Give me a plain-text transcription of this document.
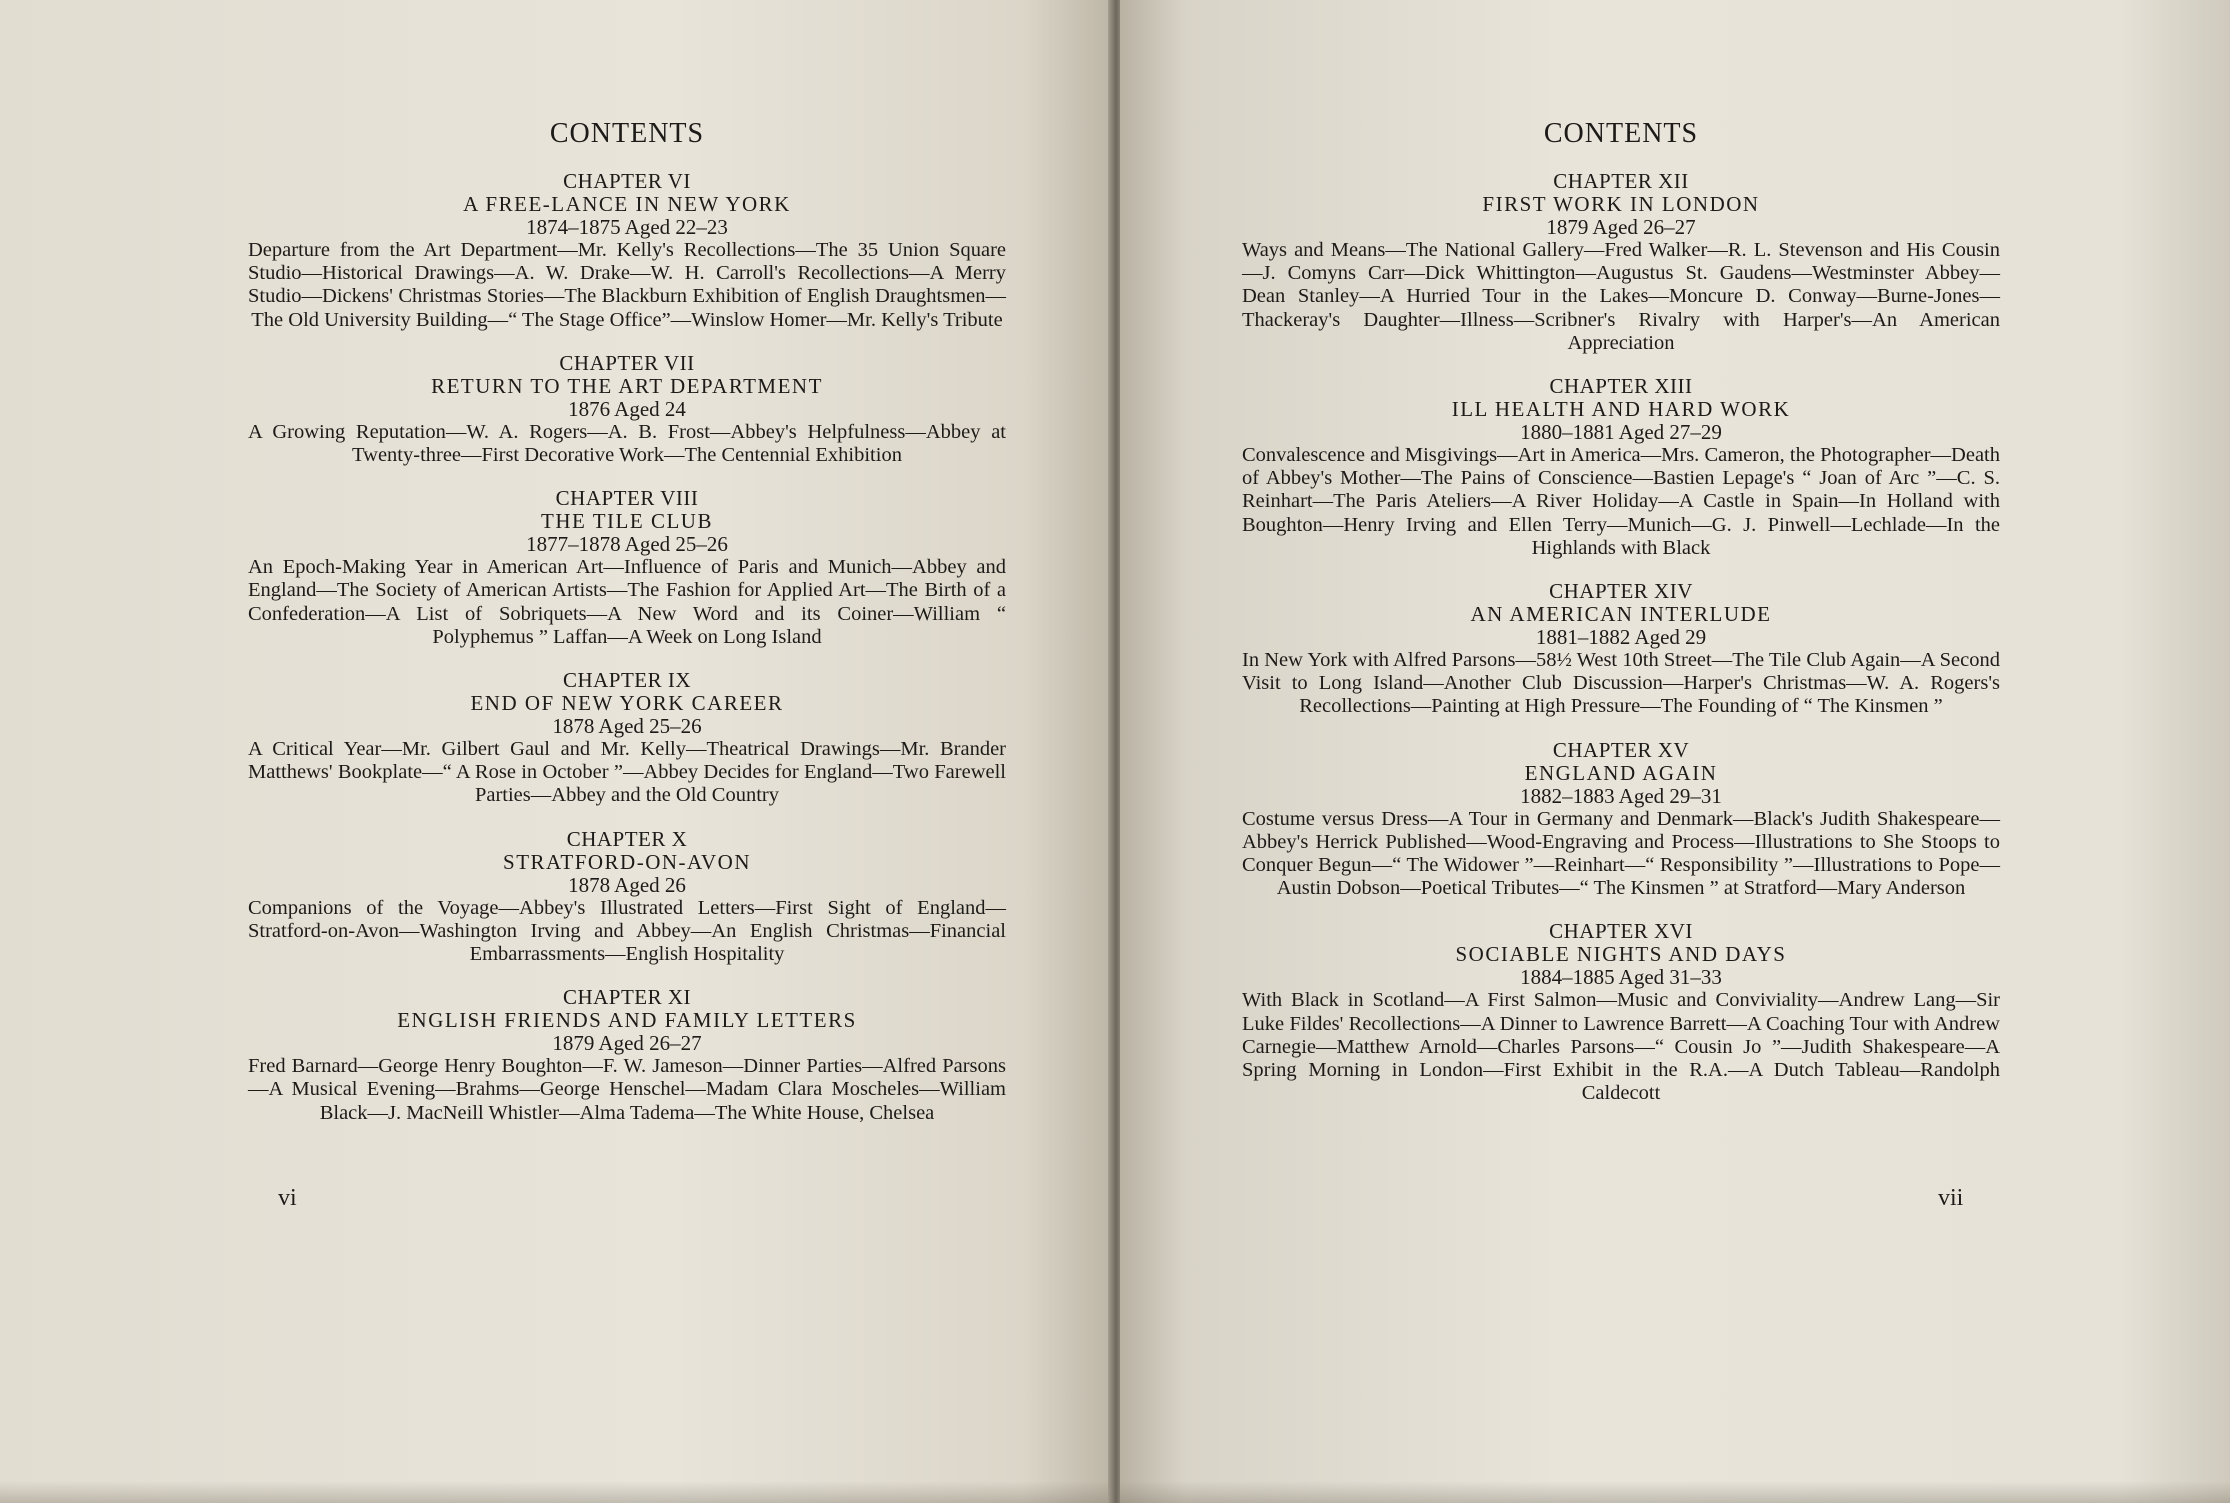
CONTENTS
CHAPTER VI
A FREE-LANCE IN NEW YORK
1874–1875 Aged 22–23
Departure from the Art Department—Mr. Kelly's Recollections—The 35 Union Square Studio—Historical Drawings—A. W. Drake—W. H. Carroll's Recollections—A Merry Studio—Dickens' Christmas Stories—The Blackburn Exhibition of English Draughtsmen—The Old University Building—“ The Stage Office”—Winslow Homer—Mr. Kelly's Tribute
CHAPTER VII
RETURN TO THE ART DEPARTMENT
1876 Aged 24
A Growing Reputation—W. A. Rogers—A. B. Frost—Abbey's Helpfulness—Abbey at Twenty-three—First Decorative Work—The Centennial Exhibition
CHAPTER VIII
THE TILE CLUB
1877–1878 Aged 25–26
An Epoch-Making Year in American Art—Influence of Paris and Munich—Abbey and England—The Society of American Artists—The Fashion for Applied Art—The Birth of a Confederation—A List of Sobriquets—A New Word and its Coiner—William “ Polyphemus ” Laffan—A Week on Long Island
CHAPTER IX
END OF NEW YORK CAREER
1878 Aged 25–26
A Critical Year—Mr. Gilbert Gaul and Mr. Kelly—Theatrical Drawings—Mr. Brander Matthews' Bookplate—“ A Rose in October ”—Abbey Decides for England—Two Farewell Parties—Abbey and the Old Country
CHAPTER X
STRATFORD-ON-AVON
1878 Aged 26
Companions of the Voyage—Abbey's Illustrated Letters—First Sight of England—Stratford-on-Avon—Washington Irving and Abbey—An English Christmas—Financial Embarrassments—English Hospitality
CHAPTER XI
ENGLISH FRIENDS AND FAMILY LETTERS
1879 Aged 26–27
Fred Barnard—George Henry Boughton—F. W. Jameson—Dinner Parties—Alfred Parsons—A Musical Evening—Brahms—George Henschel—Madam Clara Moscheles—William Black—J. MacNeill Whistler—Alma Tadema—The White House, Chelsea
vi
CONTENTS
CHAPTER XII
FIRST WORK IN LONDON
1879 Aged 26–27
Ways and Means—The National Gallery—Fred Walker—R. L. Stevenson and His Cousin—J. Comyns Carr—Dick Whittington—Augustus St. Gaudens—Westminster Abbey—Dean Stanley—A Hurried Tour in the Lakes—Moncure D. Conway—Burne-Jones—Thackeray's Daughter—Illness—Scribner's Rivalry with Harper's—An American Appreciation
CHAPTER XIII
ILL HEALTH AND HARD WORK
1880–1881 Aged 27–29
Convalescence and Misgivings—Art in America—Mrs. Cameron, the Photographer—Death of Abbey's Mother—The Pains of Conscience—Bastien Lepage's “ Joan of Arc ”—C. S. Reinhart—The Paris Ateliers—A River Holiday—A Castle in Spain—In Holland with Boughton—Henry Irving and Ellen Terry—Munich—G. J. Pinwell—Lechlade—In the Highlands with Black
CHAPTER XIV
AN AMERICAN INTERLUDE
1881–1882 Aged 29
In New York with Alfred Parsons—58½ West 10th Street—The Tile Club Again—A Second Visit to Long Island—Another Club Discussion—Harper's Christmas—W. A. Rogers's Recollections—Painting at High Pressure—The Founding of “ The Kinsmen ”
CHAPTER XV
ENGLAND AGAIN
1882–1883 Aged 29–31
Costume versus Dress—A Tour in Germany and Denmark—Black's Judith Shakespeare—Abbey's Herrick Published—Wood-Engraving and Process—Illustrations to She Stoops to Conquer Begun—“ The Widower ”—Reinhart—“ Responsibility ”—Illustrations to Pope—Austin Dobson—Poetical Tributes—“ The Kinsmen ” at Stratford—Mary Anderson
CHAPTER XVI
SOCIABLE NIGHTS AND DAYS
1884–1885 Aged 31–33
With Black in Scotland—A First Salmon—Music and Conviviality—Andrew Lang—Sir Luke Fildes' Recollections—A Dinner to Lawrence Barrett—A Coaching Tour with Andrew Carnegie—Matthew Arnold—Charles Parsons—“ Cousin Jo ”—Judith Shakespeare—A Spring Morning in London—First Exhibit in the R.A.—A Dutch Tableau—Randolph Caldecott
vii
